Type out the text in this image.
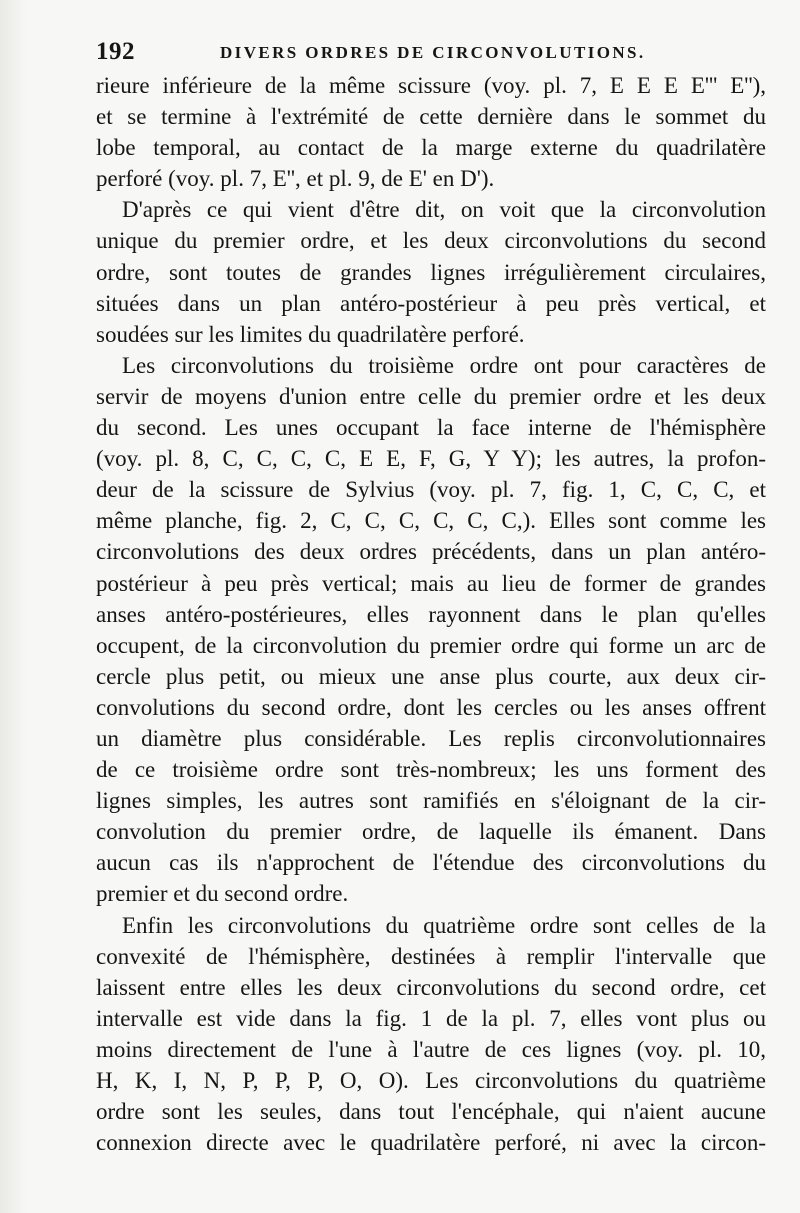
192	DIVERS ORDRES DE CIRCONVOLUTIONS.
rieure inférieure de la même scissure (voy. pl. 7, E E E E''' E''),
et se termine à l'extrémité de cette dernière dans le sommet du
lobe temporal, au contact de la marge externe du quadrilatère
perforé (voy. pl. 7, E'', et pl. 9, de E' en D').
D'après ce qui vient d'être dit, on voit que la circonvolution
unique du premier ordre, et les deux circonvolutions du second
ordre, sont toutes de grandes lignes irrégulièrement circulaires,
situées dans un plan antéro-postérieur à peu près vertical, et
soudées sur les limites du quadrilatère perforé.
Les circonvolutions du troisième ordre ont pour caractères de
servir de moyens d'union entre celle du premier ordre et les deux
du second. Les unes occupant la face interne de l'hémisphère
(voy. pl. 8, C, C, C, C, E E, F, G, Y Y); les autres, la profon-
deur de la scissure de Sylvius (voy. pl. 7, fig. 1, C, C, C, et
même planche, fig. 2, C, C, C, C, C, C,). Elles sont comme les
circonvolutions des deux ordres précédents, dans un plan antéro-
postérieur à peu près vertical; mais au lieu de former de grandes
anses antéro-postérieures, elles rayonnent dans le plan qu'elles
occupent, de la circonvolution du premier ordre qui forme un arc de
cercle plus petit, ou mieux une anse plus courte, aux deux cir-
convolutions du second ordre, dont les cercles ou les anses offrent
un diamètre plus considérable. Les replis circonvolutionnaires
de ce troisième ordre sont très-nombreux; les uns forment des
lignes simples, les autres sont ramifiés en s'éloignant de la cir-
convolution du premier ordre, de laquelle ils émanent. Dans
aucun cas ils n'approchent de l'étendue des circonvolutions du
premier et du second ordre.
Enfin les circonvolutions du quatrième ordre sont celles de la
convexité de l'hémisphère, destinées à remplir l'intervalle que
laissent entre elles les deux circonvolutions du second ordre, cet
intervalle est vide dans la fig. 1 de la pl. 7, elles vont plus ou
moins directement de l'une à l'autre de ces lignes (voy. pl. 10,
H, K, I, N, P, P, P, O, O). Les circonvolutions du quatrième
ordre sont les seules, dans tout l'encéphale, qui n'aient aucune
connexion directe avec le quadrilatère perforé, ni avec la circon-
